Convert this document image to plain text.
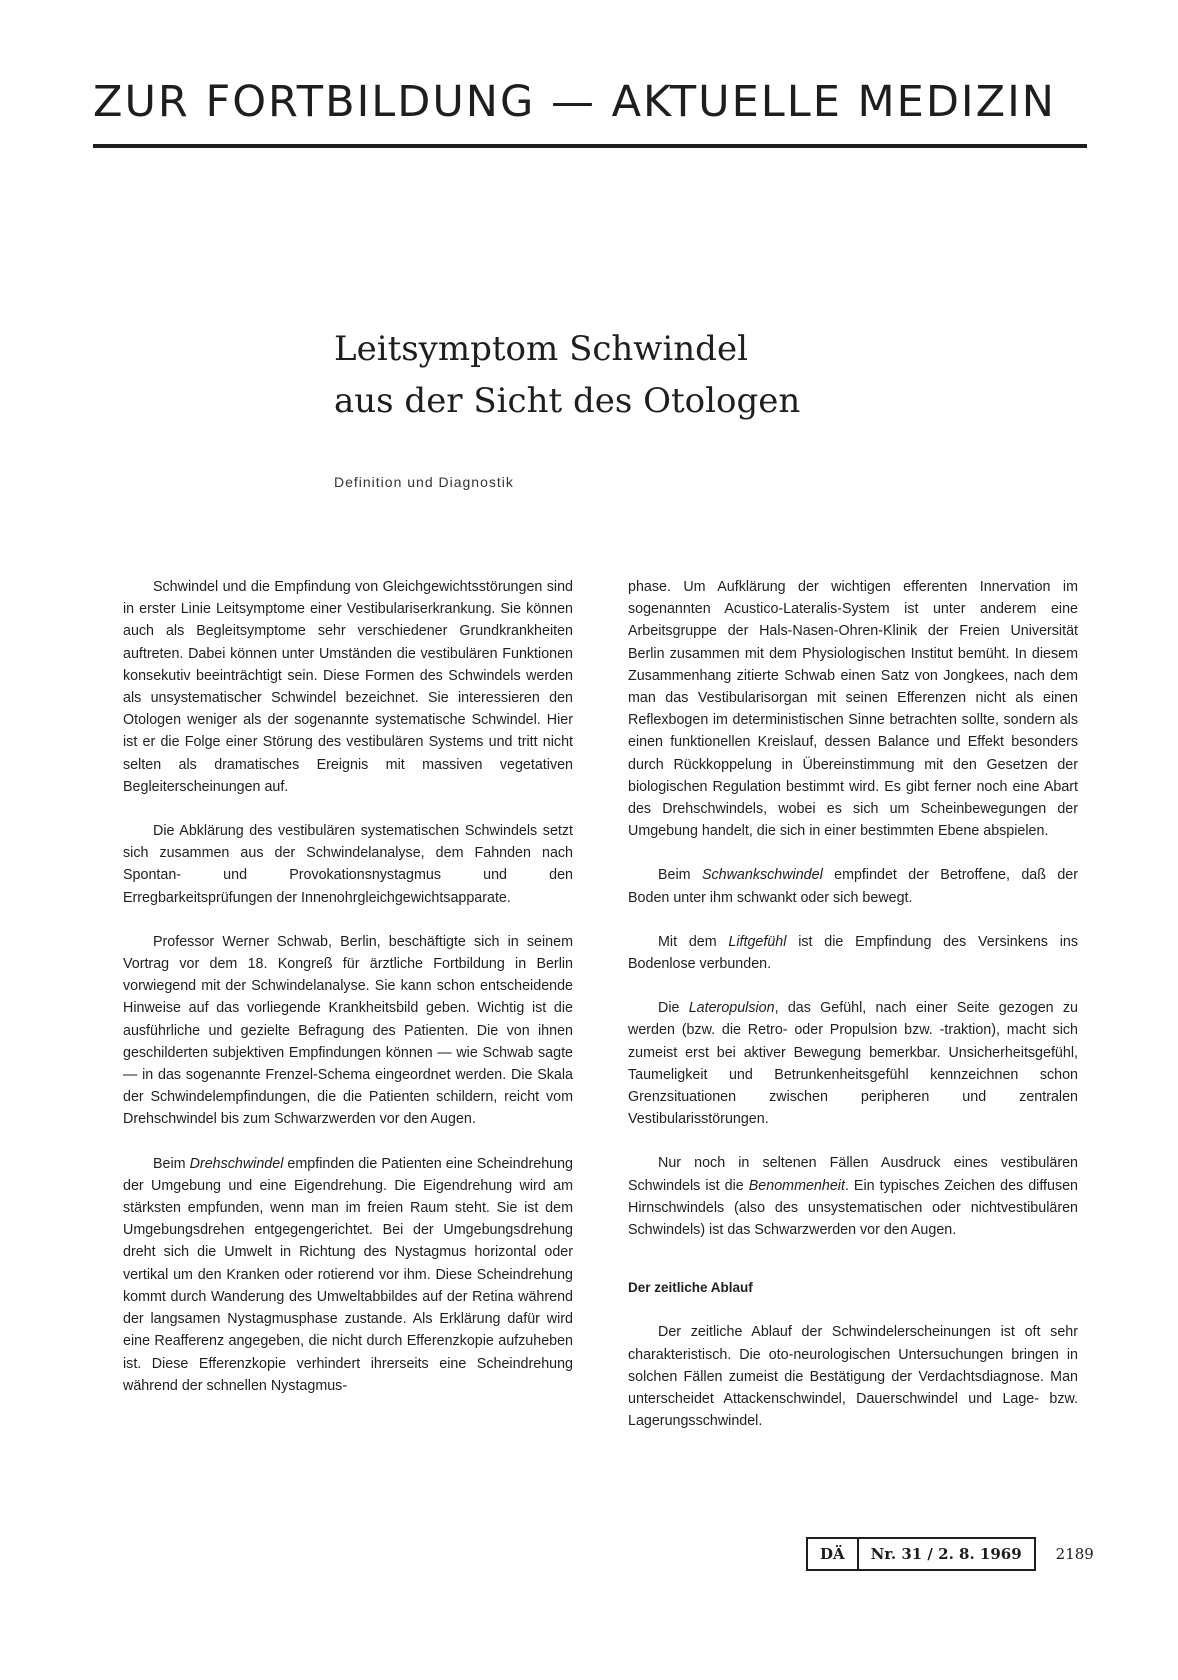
ZUR FORTBILDUNG — AKTUELLE MEDIZIN
Leitsymptom Schwindel
aus der Sicht des Otologen
Definition und Diagnostik

Schwindel und die Empfindung von Gleichgewichtsstörungen sind in erster Linie Leitsymptome einer Vestibulariserkrankung. Sie können auch als Begleitsymptome sehr verschiedener Grundkrankheiten auftreten. Dabei können unter Umständen die vestibulären Funktionen konsekutiv beeinträchtigt sein. Diese Formen des Schwindels werden als unsystematischer Schwindel bezeichnet. Sie interessieren den Otologen weniger als der sogenannte systematische Schwindel. Hier ist er die Folge einer Störung des vestibulären Systems und tritt nicht selten als dramatisches Ereignis mit massiven vegetativen Begleiterscheinungen auf.

Die Abklärung des vestibulären systematischen Schwindels setzt sich zusammen aus der Schwindelanalyse, dem Fahnden nach Spontan- und Provokationsnystagmus und den Erregbarkeitsprüfungen der Innenohrgleichgewichtsapparate.

Professor Werner Schwab, Berlin, beschäftigte sich in seinem Vortrag vor dem 18. Kongreß für ärztliche Fortbildung in Berlin vorwiegend mit der Schwindelanalyse. Sie kann schon entscheidende Hinweise auf das vorliegende Krankheitsbild geben. Wichtig ist die ausführliche und gezielte Befragung des Patienten. Die von ihnen geschilderten subjektiven Empfindungen können — wie Schwab sagte — in das sogenannte Frenzel-Schema eingeordnet werden. Die Skala der Schwindelempfindungen, die die Patienten schildern, reicht vom Drehschwindel bis zum Schwarzwerden vor den Augen.

Beim Drehschwindel empfinden die Patienten eine Scheindrehung der Umgebung und eine Eigendrehung. Die Eigendrehung wird am stärksten empfunden, wenn man im freien Raum steht. Sie ist dem Umgebungsdrehen entgegengerichtet. Bei der Umgebungsdrehung dreht sich die Umwelt in Richtung des Nystagmus horizontal oder vertikal um den Kranken oder rotierend vor ihm. Diese Scheindrehung kommt durch Wanderung des Umweltabbildes auf der Retina während der langsamen Nystagmusphase zustande. Als Erklärung dafür wird eine Reafferenz angegeben, die nicht durch Efferenzkopie aufzuheben ist. Diese Efferenzkopie verhindert ihrerseits eine Scheindrehung während der schnellen Nystagmus-

phase. Um Aufklärung der wichtigen efferenten Innervation im sogenannten Acustico-Lateralis-System ist unter anderem eine Arbeitsgruppe der Hals-Nasen-Ohren-Klinik der Freien Universität Berlin zusammen mit dem Physiologischen Institut bemüht. In diesem Zusammenhang zitierte Schwab einen Satz von Jongkees, nach dem man das Vestibularisorgan mit seinen Efferenzen nicht als einen Reflexbogen im deterministischen Sinne betrachten sollte, sondern als einen funktionellen Kreislauf, dessen Balance und Effekt besonders durch Rückkoppelung in Übereinstimmung mit den Gesetzen der biologischen Regulation bestimmt wird. Es gibt ferner noch eine Abart des Drehschwindels, wobei es sich um Scheinbewegungen der Umgebung handelt, die sich in einer bestimmten Ebene abspielen.

Beim Schwankschwindel empfindet der Betroffene, daß der Boden unter ihm schwankt oder sich bewegt.

Mit dem Liftgefühl ist die Empfindung des Versinkens ins Bodenlose verbunden.

Die Lateropulsion, das Gefühl, nach einer Seite gezogen zu werden (bzw. die Retro- oder Propulsion bzw. -traktion), macht sich zumeist erst bei aktiver Bewegung bemerkbar. Unsicherheitsgefühl, Taumeligkeit und Betrunkenheitsgefühl kennzeichnen schon Grenzsituationen zwischen peripheren und zentralen Vestibularisstörungen.

Nur noch in seltenen Fällen Ausdruck eines vestibulären Schwindels ist die Benommenheit. Ein typisches Zeichen des diffusen Hirnschwindels (also des unsystematischen oder nichtvestibulären Schwindels) ist das Schwarzwerden vor den Augen.

Der zeitliche Ablauf

Der zeitliche Ablauf der Schwindelerscheinungen ist oft sehr charakteristisch. Die oto-neurologischen Untersuchungen bringen in solchen Fällen zumeist die Bestätigung der Verdachtsdiagnose. Man unterscheidet Attackenschwindel, Dauerschwindel und Lage- bzw. Lagerungsschwindel.

DÄ	Nr. 31 / 2. 8. 1969	2189
